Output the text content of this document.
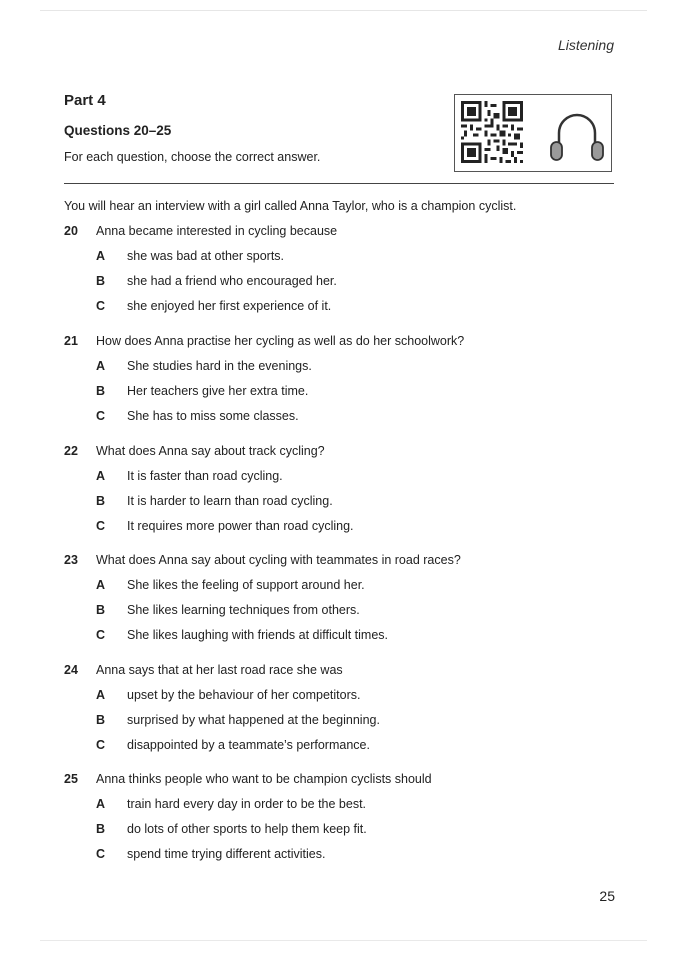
Listening
Part 4
Questions 20–25
For each question, choose the correct answer.
You will hear an interview with a girl called Anna Taylor, who is a champion cyclist.
20	Anna became interested in cycling because
A she was bad at other sports.
B she had a friend who encouraged her.
C she enjoyed her first experience of it.
21	How does Anna practise her cycling as well as do her schoolwork?
A She studies hard in the evenings.
B Her teachers give her extra time.
C She has to miss some classes.
22	What does Anna say about track cycling?
A It is faster than road cycling.
B It is harder to learn than road cycling.
C It requires more power than road cycling.
23	What does Anna say about cycling with teammates in road races?
A She likes the feeling of support around her.
B She likes learning techniques from others.
C She likes laughing with friends at difficult times.
24	Anna says that at her last road race she was
A upset by the behaviour of her competitors.
B surprised by what happened at the beginning.
C disappointed by a teammate’s performance.
25	Anna thinks people who want to be champion cyclists should
A train hard every day in order to be the best.
B do lots of other sports to help them keep fit.
C spend time trying different activities.
25
